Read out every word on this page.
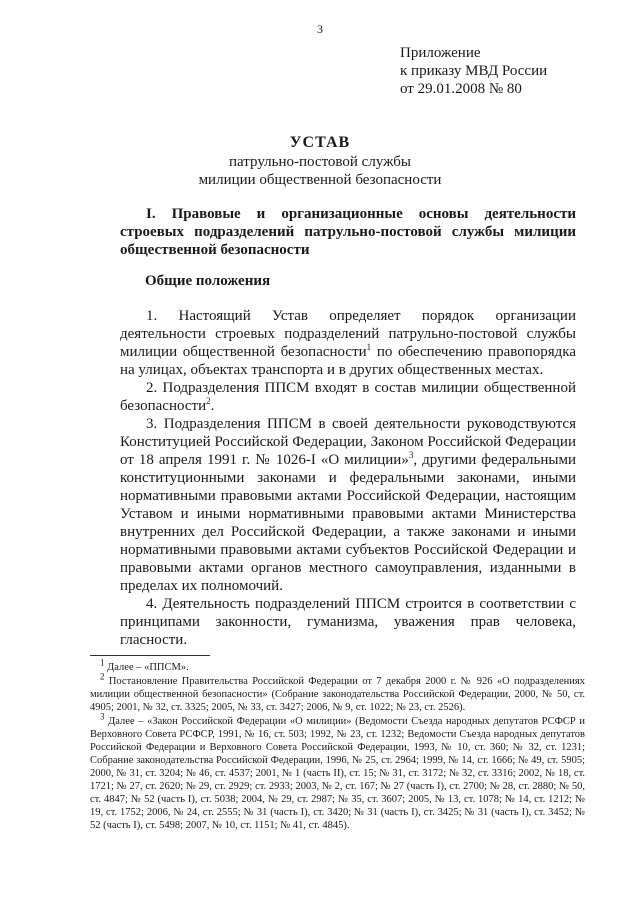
3
Приложение
к приказу МВД России
от 29.01.2008 № 80
УСТАВ
патрульно-постовой службы
милиции общественной безопасности
I. Правовые и организационные основы деятельности строевых подразделений патрульно-постовой службы милиции общественной безопасности
Общие положения

1. Настоящий Устав определяет порядок организации деятельности строевых подразделений патрульно-постовой службы милиции общественной безопасности$^1$ по обеспечению правопорядка на улицах, объектах транспорта и в других общественных местах.

2. Подразделения ППСМ входят в состав милиции общественной безопасности$^2$.

3. Подразделения ППСМ в своей деятельности руководствуются Конституцией Российской Федерации, Законом Российской Федерации от 18 апреля 1991 г. № 1026-I «О милиции»$^3$, другими федеральными конституционными законами и федеральными законами, иными нормативными правовыми актами Российской Федерации, настоящим Уставом и иными нормативными правовыми актами Министерства внутренних дел Российской Федерации, а также законами и иными нормативными правовыми актами субъектов Российской Федерации и правовыми актами органов местного самоуправления, изданными в пределах их полномочий.

4. Деятельность подразделений ППСМ строится в соответствии с принципами законности, гуманизма, уважения прав человека, гласности.

$^1$ Далее – «ППСМ».

$^2$ Постановление Правительства Российской Федерации от 7 декабря 2000 г. № 926 «О подразделениях милиции общественной безопасности» (Собрание законодательства Российской Федерации, 2000, № 50, ст. 4905; 2001, № 32, ст. 3325; 2005, № 33, ст. 3427; 2006, № 9, ст. 1022; № 23, ст. 2526).

$^3$ Далее – «Закон Российской Федерации «О милиции» (Ведомости Съезда народных депутатов РСФСР и Верховного Совета РСФСР, 1991, № 16, ст. 503; 1992, № 23, ст. 1232; Ведомости Съезда народных депутатов Российской Федерации и Верховного Совета Российской Федерации, 1993, № 10, ст. 360; № 32, ст. 1231; Собрание законодательства Российской Федерации, 1996, № 25, ст. 2964; 1999, № 14, ст. 1666; № 49, ст. 5905; 2000, № 31, ст. 3204; № 46, ст. 4537; 2001, № 1 (часть II), ст. 15; № 31, ст. 3172; № 32, ст. 3316; 2002, № 18, ст. 1721; № 27, ст. 2620; № 29, ст. 2929; ст. 2933; 2003, № 2, ст. 167; № 27 (часть I), ст. 2700; № 28, ст. 2880; № 50, ст. 4847; № 52 (часть I), ст. 5038; 2004, № 29, ст. 2987; № 35, ст. 3607; 2005, № 13, ст. 1078; № 14, ст. 1212; № 19, ст. 1752; 2006, № 24, ст. 2555; № 31 (часть I), ст. 3420; № 31 (часть I), ст. 3425; № 31 (часть I), ст. 3452; № 52 (часть I), ст. 5498; 2007, № 10, ст. 1151; № 41, ст. 4845).
